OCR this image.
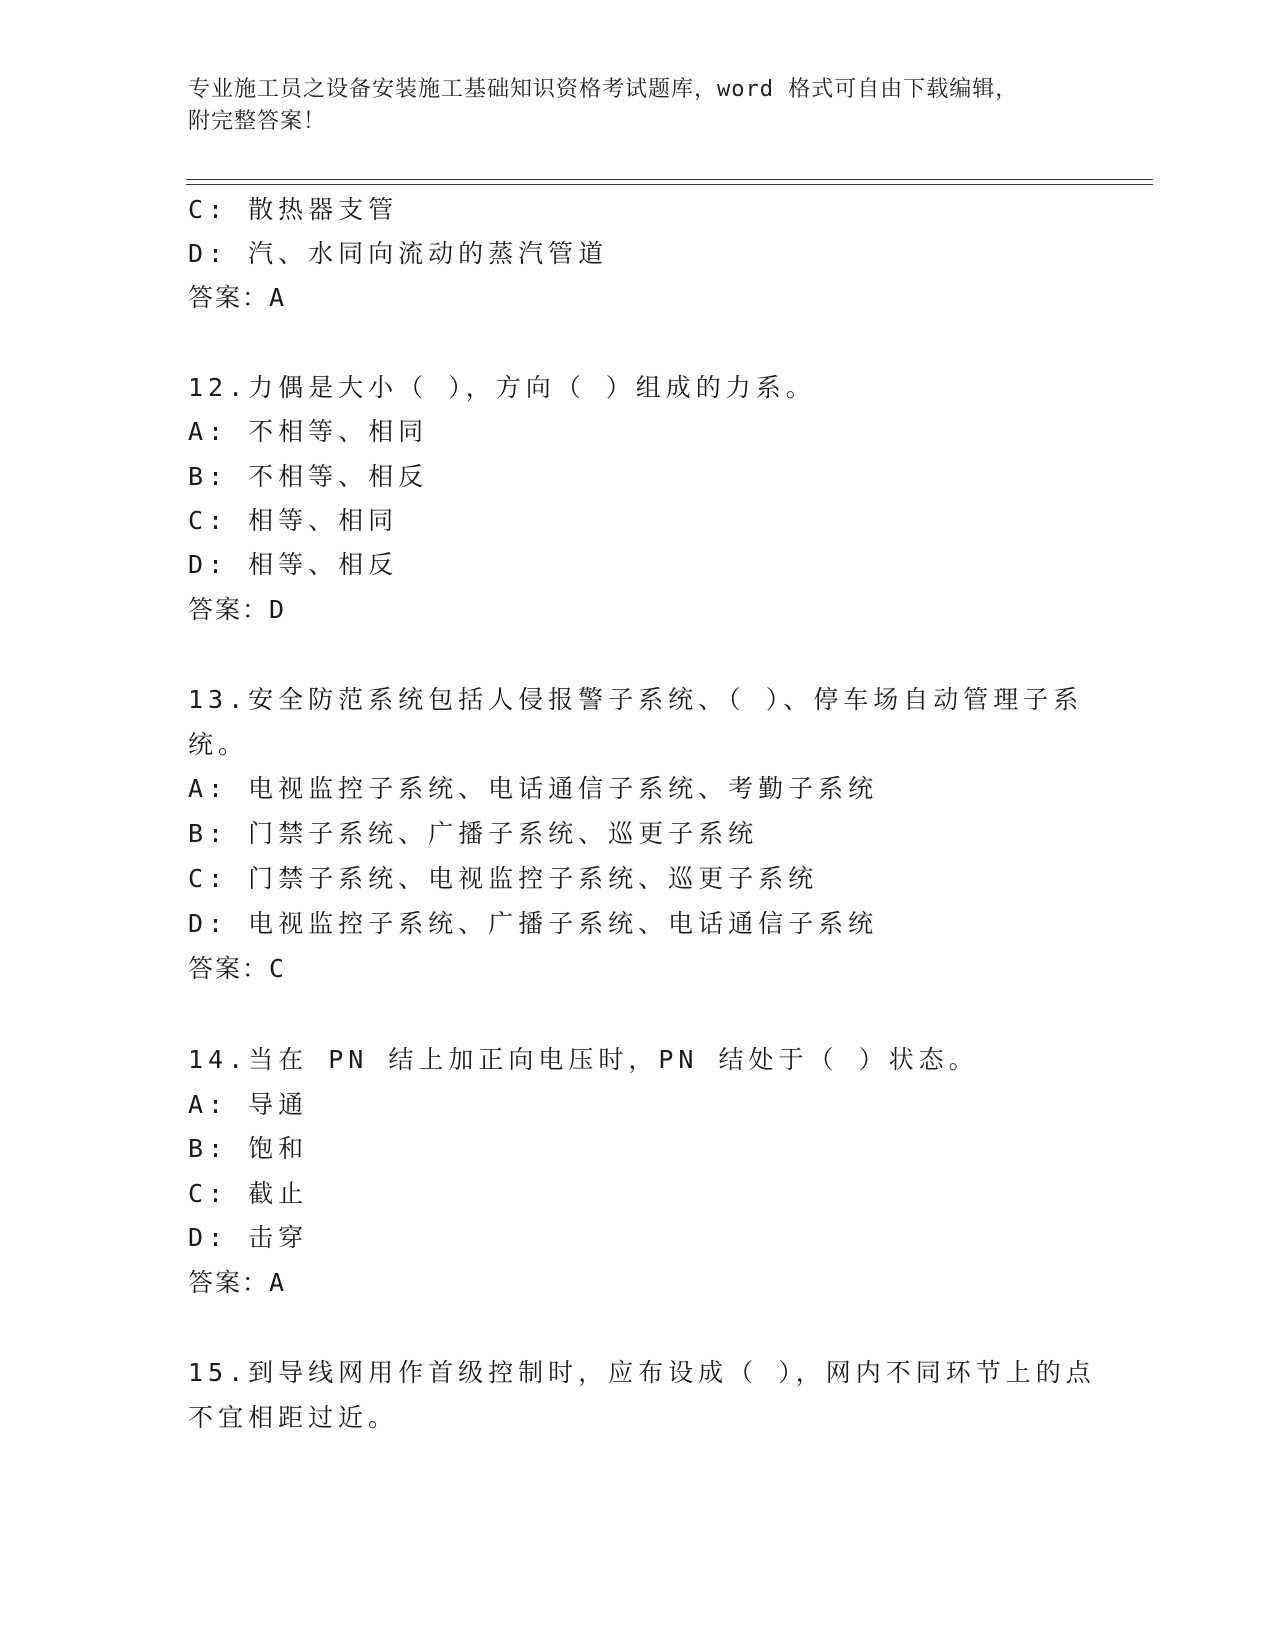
专业施工员之设备安装施工基础知识资格考试题库，word 格式可自由下载编辑，
附完整答案！
C: 散热器支管
D: 汽、水同向流动的蒸汽管道
答案：A
12.力偶是大小（ ），方向（ ）组成的力系。
A: 不相等、相同
B: 不相等、相反
C: 相等、相同
D: 相等、相反
答案：D
13.安全防范系统包括人侵报警子系统、（ ）、停车场自动管理子系
统。
A: 电视监控子系统、电话通信子系统、考勤子系统
B: 门禁子系统、广播子系统、巡更子系统
C: 门禁子系统、电视监控子系统、巡更子系统
D: 电视监控子系统、广播子系统、电话通信子系统
答案：C
14.当在 PN 结上加正向电压时，PN 结处于（ ）状态。
A: 导通
B: 饱和
C: 截止
D: 击穿
答案：A
15.到导线网用作首级控制时，应布设成（ ），网内不同环节上的点
不宜相距过近。
